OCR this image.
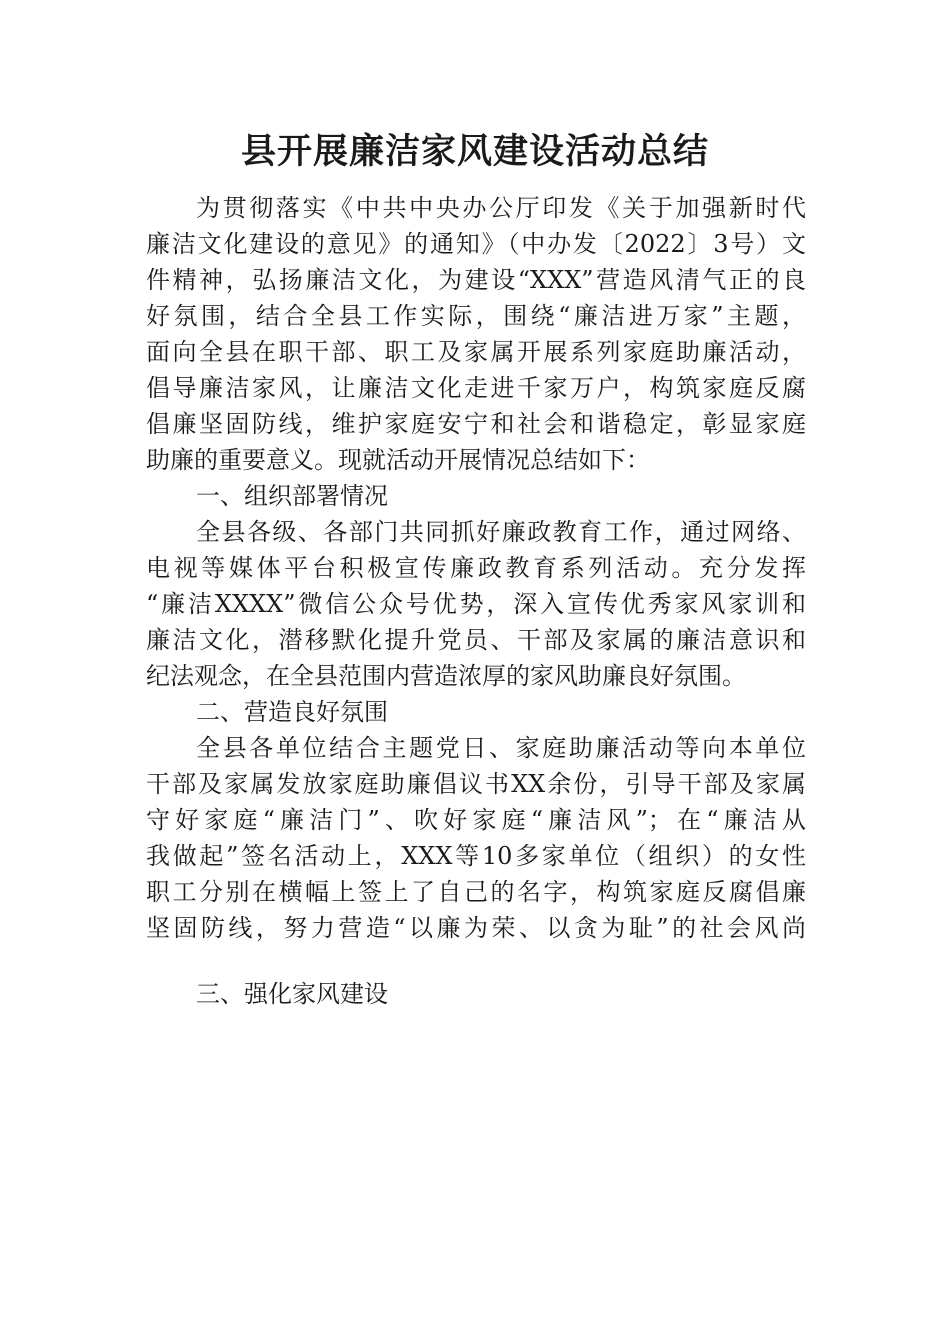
县开展廉洁家风建设活动总结
为贯彻落实《中共中央办公厅印发《关于加强新时代
廉洁文化建设的意见》的通知》（中办发〔2022〕3号）文
件精神，弘扬廉洁文化，为建设“XXX”营造风清气正的良
好氛围，结合全县工作实际，围绕“廉洁进万家”主题，
面向全县在职干部、职工及家属开展系列家庭助廉活动，
倡导廉洁家风，让廉洁文化走进千家万户，构筑家庭反腐
倡廉坚固防线，维护家庭安宁和社会和谐稳定，彰显家庭
助廉的重要意义。现就活动开展情况总结如下：
一、组织部署情况
全县各级、各部门共同抓好廉政教育工作，通过网络、
电视等媒体平台积极宣传廉政教育系列活动。充分发挥
“廉洁XXXX”微信公众号优势，深入宣传优秀家风家训和
廉洁文化，潜移默化提升党员、干部及家属的廉洁意识和
纪法观念，在全县范围内营造浓厚的家风助廉良好氛围。
二、营造良好氛围
全县各单位结合主题党日、家庭助廉活动等向本单位
干部及家属发放家庭助廉倡议书XX余份，引导干部及家属
守好家庭“廉洁门”、吹好家庭“廉洁风”；在“廉洁从
我做起”签名活动上，XXX等10多家单位（组织）的女性
职工分别在横幅上签上了自己的名字，构筑家庭反腐倡廉
坚固防线，努力营造“以廉为荣、以贪为耻”的社会风尚
三、强化家风建设
